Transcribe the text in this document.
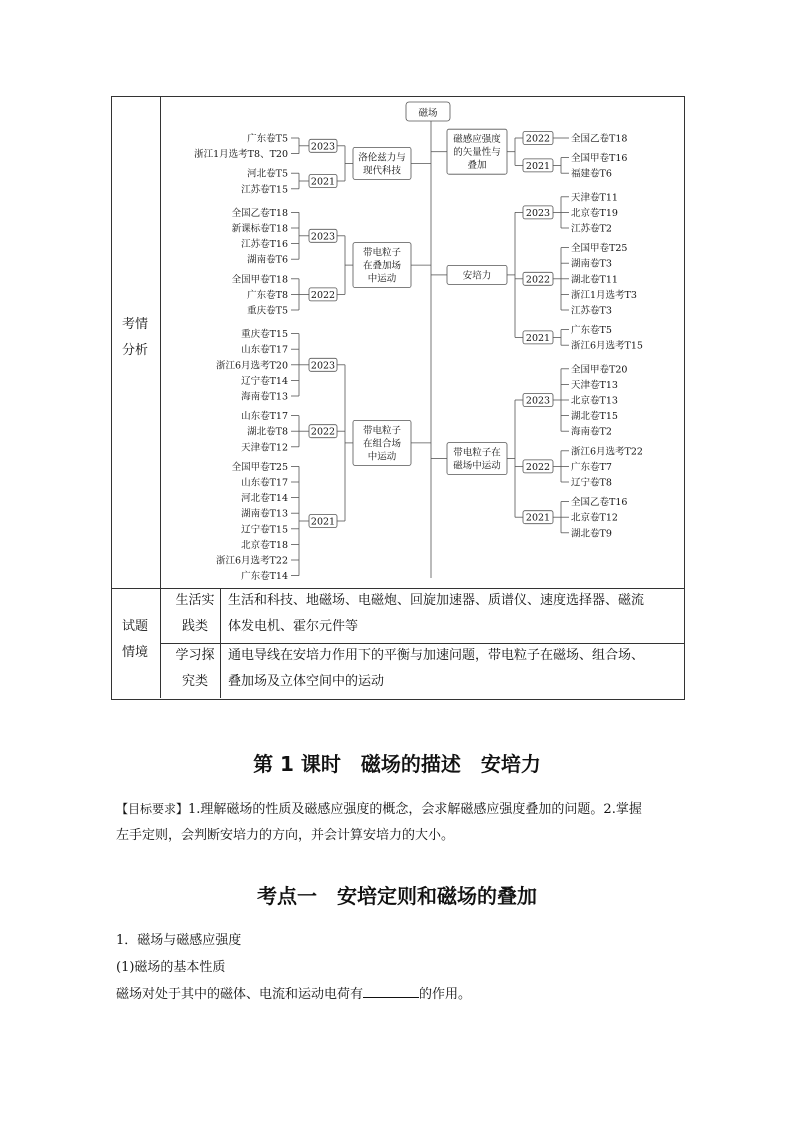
考情
分析
试题
情境
生活实
践类
生活和科技、地磁场、电磁炮、回旋加速器、质谱仪、速度选择器、磁流
体发电机、霍尔元件等
学习探
究类
通电导线在安培力作用下的平衡与加速问题，带电粒子在磁场、组合场、
叠加场及立体空间中的运动
磁场
广东卷T5
浙江1月选考T8、T20
2023
河北卷T5
江苏卷T15
2021
洛伦兹力与
现代科技
全国乙卷T18
新课标卷T18
江苏卷T16
湖南卷T6
2023
全国甲卷T18
广东卷T8
重庆卷T5
2022
带电粒子
在叠加场
中运动
重庆卷T15
山东卷T17
浙江6月选考T20
辽宁卷T14
海南卷T13
2023
山东卷T17
湖北卷T8
天津卷T12
2022
全国甲卷T25
山东卷T17
河北卷T14
湖南卷T13
辽宁卷T15
北京卷T18
浙江6月选考T22
广东卷T14
2021
带电粒子
在组合场
中运动
全国乙卷T18
2022
全国甲卷T16
福建卷T6
2021
磁感应强度
的矢量性与
叠加
天津卷T11
北京卷T19
江苏卷T2
2023
全国甲卷T25
湖南卷T3
湖北卷T11
浙江1月选考T3
江苏卷T3
2022
广东卷T5
浙江6月选考T15
2021
安培力
全国甲卷T20
天津卷T13
北京卷T13
湖北卷T15
海南卷T2
2023
浙江6月选考T22
广东卷T7
辽宁卷T8
2022
全国乙卷T16
北京卷T12
湖北卷T9
2021
带电粒子在
磁场中运动
第 1 课时　磁场的描述　安培力
【目标要求】1.理解磁场的性质及磁感应强度的概念，会求解磁感应强度叠加的问题。2.掌握
左手定则，会判断安培力的方向，并会计算安培力的大小。
考点一　安培定则和磁场的叠加
1．磁场与磁感应强度
(1)磁场的基本性质
磁场对处于其中的磁体、电流和运动电荷有	的作用。
